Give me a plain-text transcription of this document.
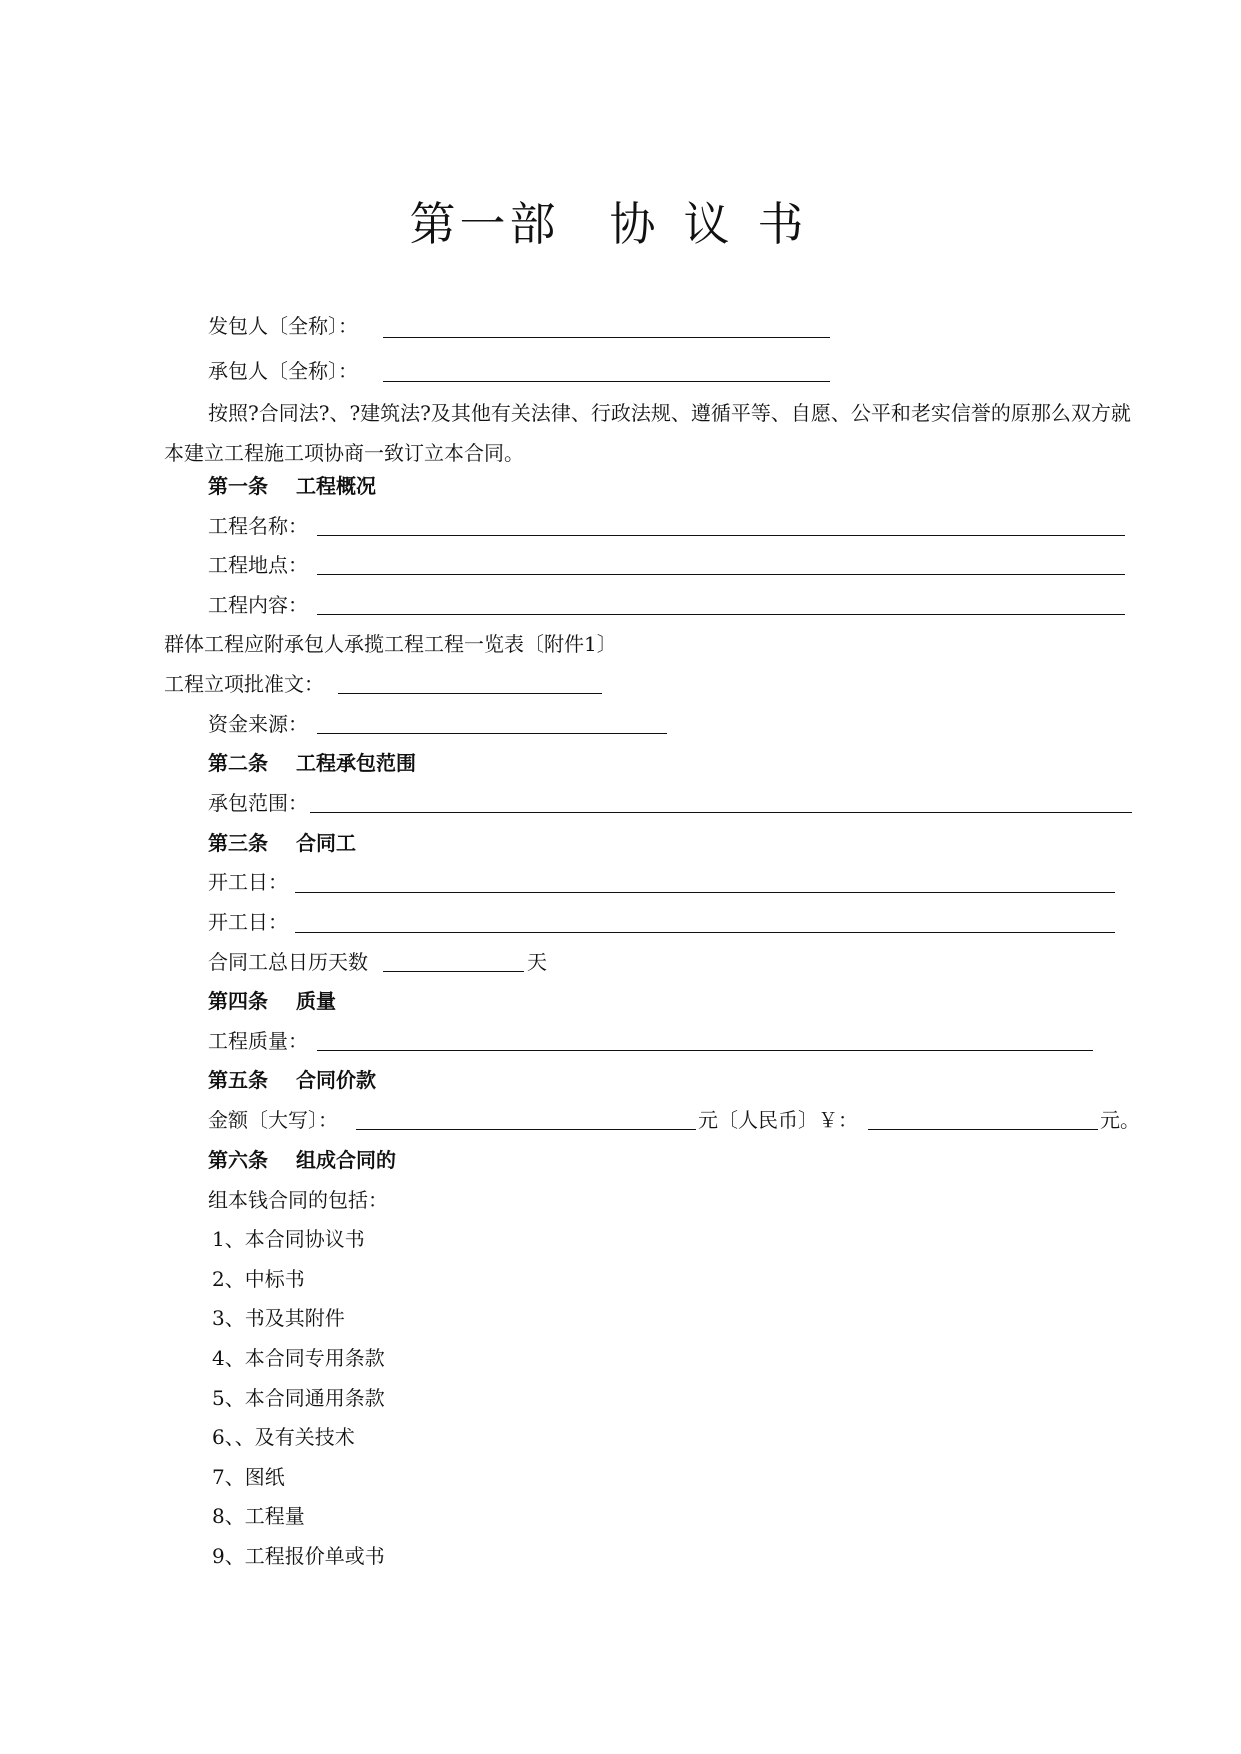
第一部 协议书
发包人〔全称〕：
承包人〔全称〕：
按照?合同法?、?建筑法?及其他有关法律、行政法规、遵循平等、自愿、公平和老实信誉的原那么双方就本建立工程施工项协商一致订立本合同。
第一条 工程概况
工程名称：
工程地点：
工程内容：
群体工程应附承包人承揽工程工程一览表〔附件1〕
工程立项批准文：
资金来源：
第二条 工程承包范围
承包范围：
第三条 合同工
开工日：
开工日：
合同工总日历天数	天
第四条 质量
工程质量：
第五条 合同价款
金额〔大写〕：	元〔人民币〕￥：	元。
第六条 组成合同的
组本钱合同的包括：
1、本合同协议书
2、中标书
3、书及其附件
4、本合同专用条款
5、本合同通用条款
6、、及有关技术
7、图纸
8、工程量
9、工程报价单或书
